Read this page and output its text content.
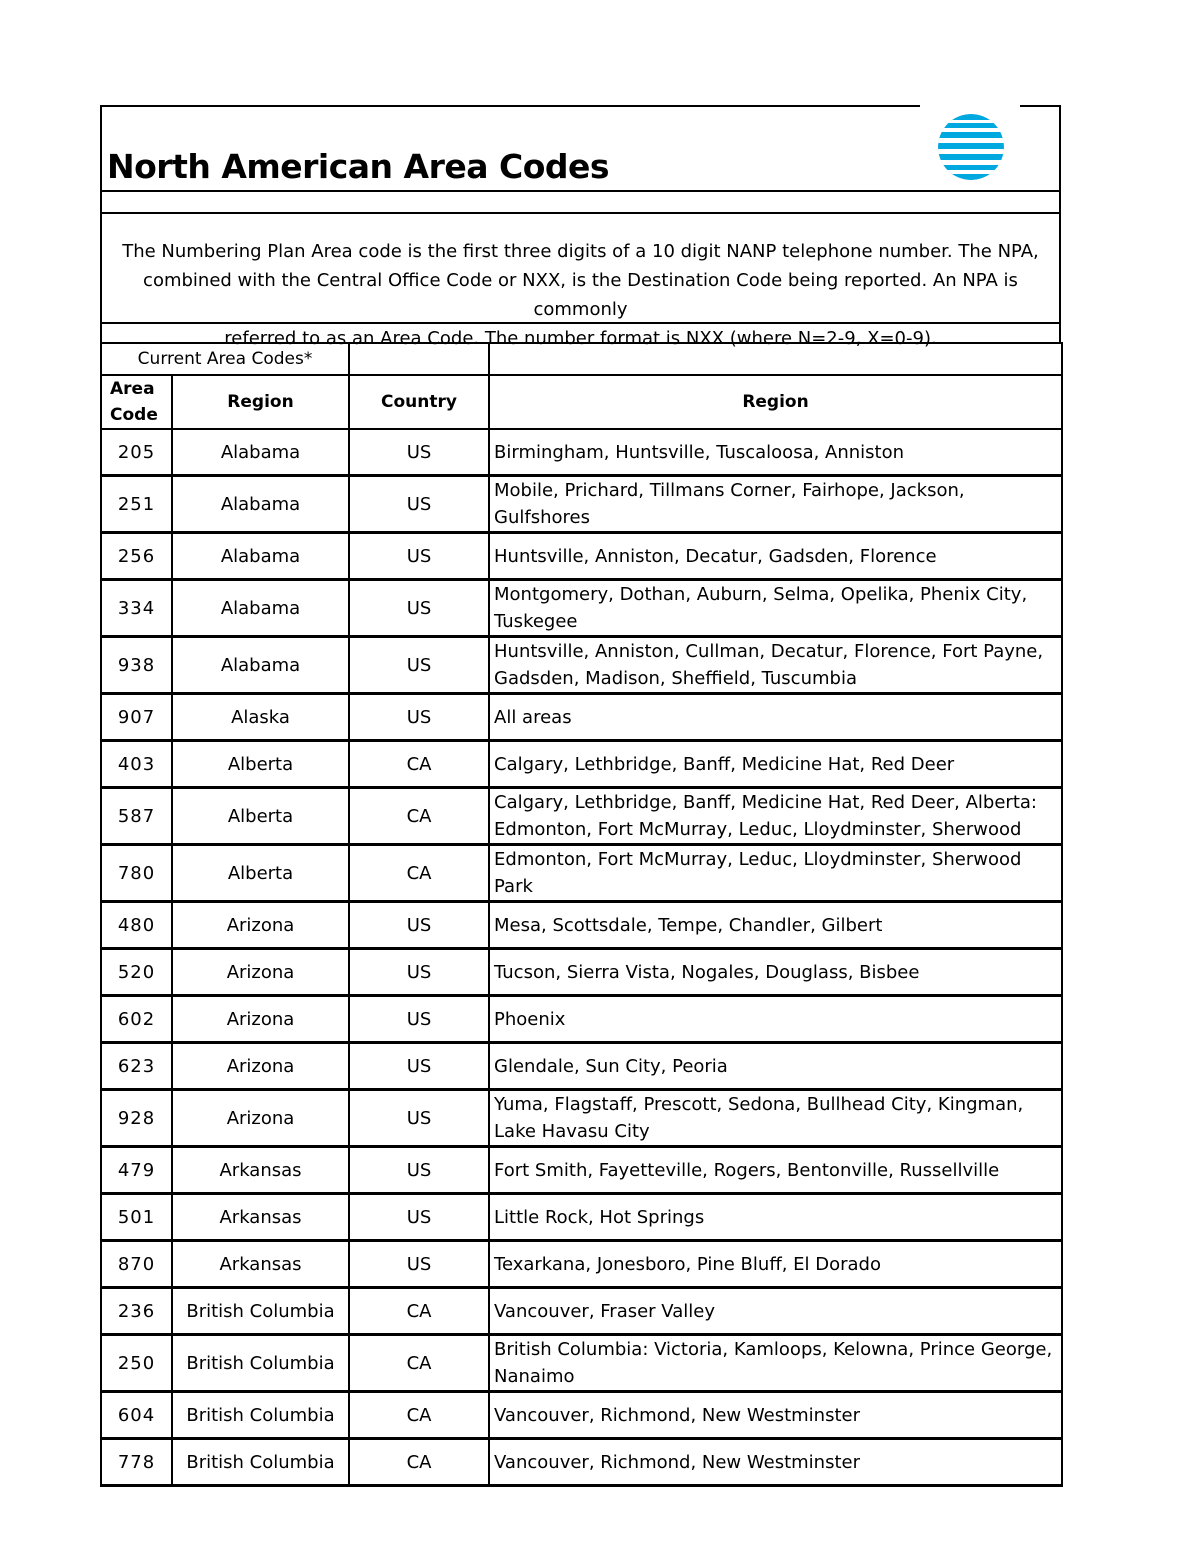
North American Area Codes

The Numbering Plan Area code is the first three digits of a 10 digit NANP telephone number. The NPA,

combined with the Central Office Code or NXX, is the Destination Code being reported. An NPA is commonly

referred to as an Area Code. The number format is NXX (where N=2-9, X=0-9).

Current Area Codes*			
Area Code	Region	Country	Region
205	Alabama	US	Birmingham, Huntsville, Tuscaloosa, Anniston
251	Alabama	US	Mobile, Prichard, Tillmans Corner, Fairhope, Jackson, Gulfshores
256	Alabama	US	Huntsville, Anniston, Decatur, Gadsden, Florence
334	Alabama	US	Montgomery, Dothan, Auburn, Selma, Opelika, Phenix City, Tuskegee
938	Alabama	US	Huntsville, Anniston, Cullman, Decatur, Florence, Fort Payne, Gadsden, Madison, Sheffield, Tuscumbia
907	Alaska	US	All areas
403	Alberta	CA	Calgary, Lethbridge, Banff, Medicine Hat, Red Deer
587	Alberta	CA	Calgary, Lethbridge, Banff, Medicine Hat, Red Deer, Alberta: Edmonton, Fort McMurray, Leduc, Lloydminster, Sherwood
780	Alberta	CA	Edmonton, Fort McMurray, Leduc, Lloydminster, Sherwood Park
480	Arizona	US	Mesa, Scottsdale, Tempe, Chandler, Gilbert
520	Arizona	US	Tucson, Sierra Vista, Nogales, Douglass, Bisbee
602	Arizona	US	Phoenix
623	Arizona	US	Glendale, Sun City, Peoria
928	Arizona	US	Yuma, Flagstaff, Prescott, Sedona, Bullhead City, Kingman, Lake Havasu City
479	Arkansas	US	Fort Smith, Fayetteville, Rogers, Bentonville, Russellville
501	Arkansas	US	Little Rock, Hot Springs
870	Arkansas	US	Texarkana, Jonesboro, Pine Bluff, El Dorado
236	British Columbia	CA	Vancouver, Fraser Valley
250	British Columbia	CA	British Columbia: Victoria, Kamloops, Kelowna, Prince George, Nanaimo
604	British Columbia	CA	Vancouver, Richmond, New Westminster
778	British Columbia	CA	Vancouver, Richmond, New Westminster
